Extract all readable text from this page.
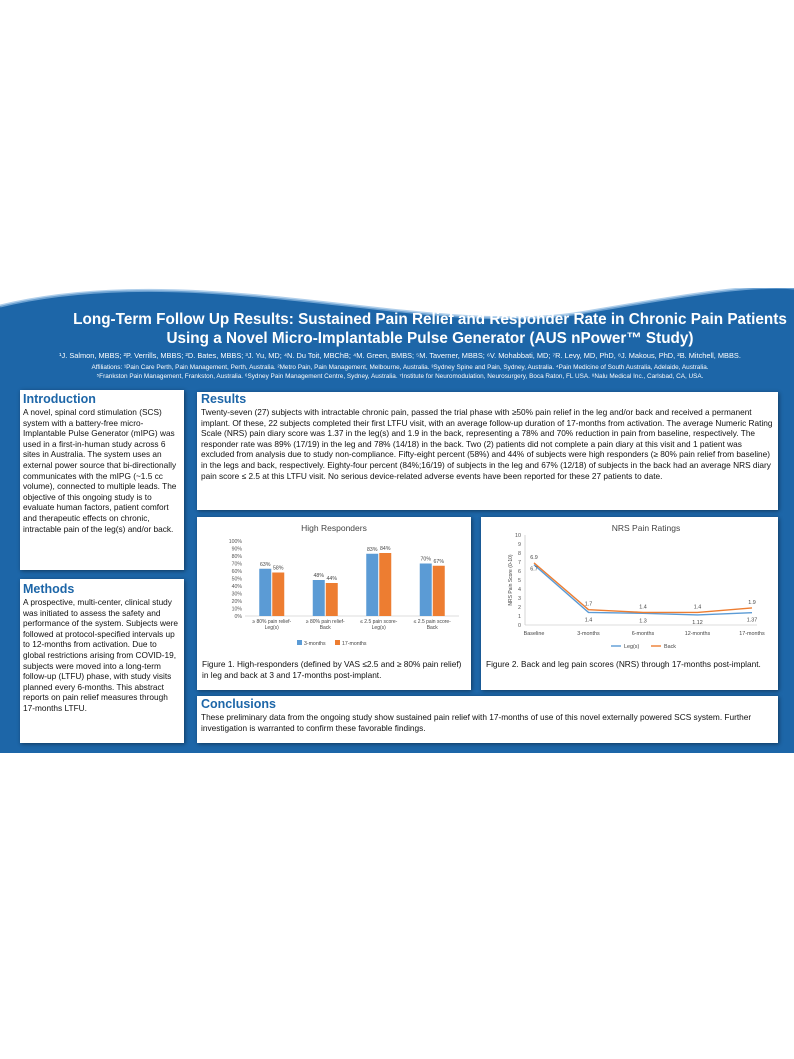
Long-Term Follow Up Results: Sustained Pain Relief and Responder Rate in Chronic Pain Patients
Using a Novel Micro-Implantable Pulse Generator (AUS nPower™ Study)
¹J. Salmon, MBBS; ²P. Verrills, MBBS; ²D. Bates, MBBS; ³J. Yu, MD; ⁴N. Du Toit, MBChB; ⁴M. Green, BMBS; ⁵M. Taverner, MBBS; ⁶V. Mohabbati, MD; ⁷R. Levy, MD, PhD, ⁸J. Makous, PhD, ²B. Mitchell, MBBS.
Affiliations: ¹Pain Care Perth, Pain Management, Perth, Australia. ²Metro Pain, Pain Management, Melbourne, Australia. ³Sydney Spine and Pain, Sydney, Australia. ⁴Pain Medicine of South Australia, Adelaide, Australia.
⁵Frankston Pain Management, Frankston, Australia. ⁶Sydney Pain Management Centre, Sydney, Australia. ⁷Institute for Neuromodulation, Neurosurgery, Boca Raton, FL USA. ⁸Nalu Medical Inc., Carlsbad, CA, USA.
Introduction
A novel, spinal cord stimulation (SCS) system with a battery-free micro-Implantable Pulse Generator (mIPG) was used in a first-in-human study across 6 sites in Australia. The system uses an external power source that bi-directionally communicates with the mIPG (~1.5 cc volume), connected to multiple leads. The objective of this ongoing study is to evaluate human factors, patient comfort and therapeutic effects on chronic, intractable pain of the leg(s) and/or back.
Methods
A prospective, multi-center, clinical study was initiated to assess the safety and performance of the system. Subjects were followed at protocol-specified intervals up to 12-months from activation. Due to global restrictions arising from COVID-19, subjects were moved into a long-term follow-up (LTFU) phase, with study visits planned every 6-months. This abstract reports on pain relief measures through 17-months LTFU.
Results
Twenty-seven (27) subjects with intractable chronic pain, passed the trial phase with ≥50% pain relief in the leg and/or back and received a permanent implant. Of these, 22 subjects completed their first LTFU visit, with an average follow-up duration of 17-months from activation. The average Numeric Rating Scale (NRS) pain diary score was 1.37 in the leg(s) and 1.9 in the back, representing a 78% and 70% reduction in pain from baseline, respectively. The responder rate was 89% (17/19) in the leg and 78% (14/18) in the back. Two (2) patients did not complete a pain diary at this visit and 1 patient was excluded from analysis due to study non-compliance. Fifty-eight percent (58%) and 44% of subjects were high responders (≥ 80% pain relief from baseline) in the legs and back, respectively. Eighty-four percent (84%;16/19) of subjects in the leg and 67% (12/18) of subjects in the back had an average NRS diary pain score ≤ 2.5 at this LTFU visit. No serious device-related adverse events have been reported for these 27 patients to date.
High Responders
0%
10%
20%
30%
40%
50%
60%
70%
80%
90%
100%
63%
58%
≥ 80% pain relief-
Leg(s)
48% 44%
≥ 80% pain relief-
Back
83% 84%
≤ 2.5 pain score-
Leg(s)
70% 67%
≤ 2.5 pain score-
Back
3-months	17-months
Figure 1. High-responders (defined by VAS ≤2.5 and ≥ 80% pain relief) in leg and back at 3 and 17-months post-implant.
NRS Pain Ratings
0
1
2
3
4
5
6
7
8
9
10
NRS Pain Score (0-10)
Baseline	3-months	6-months	12-months	17-months
6.7
1.4	1.3	1.12	1.37
6.9
1.7	1.4	1.4
1.9
Leg(s)	Back
Figure 2. Back and leg pain scores (NRS) through 17-months post-implant.
Conclusions
These preliminary data from the ongoing study show sustained pain relief with 17-months of use of this novel externally powered SCS system. Further investigation is warranted to confirm these favorable findings.
